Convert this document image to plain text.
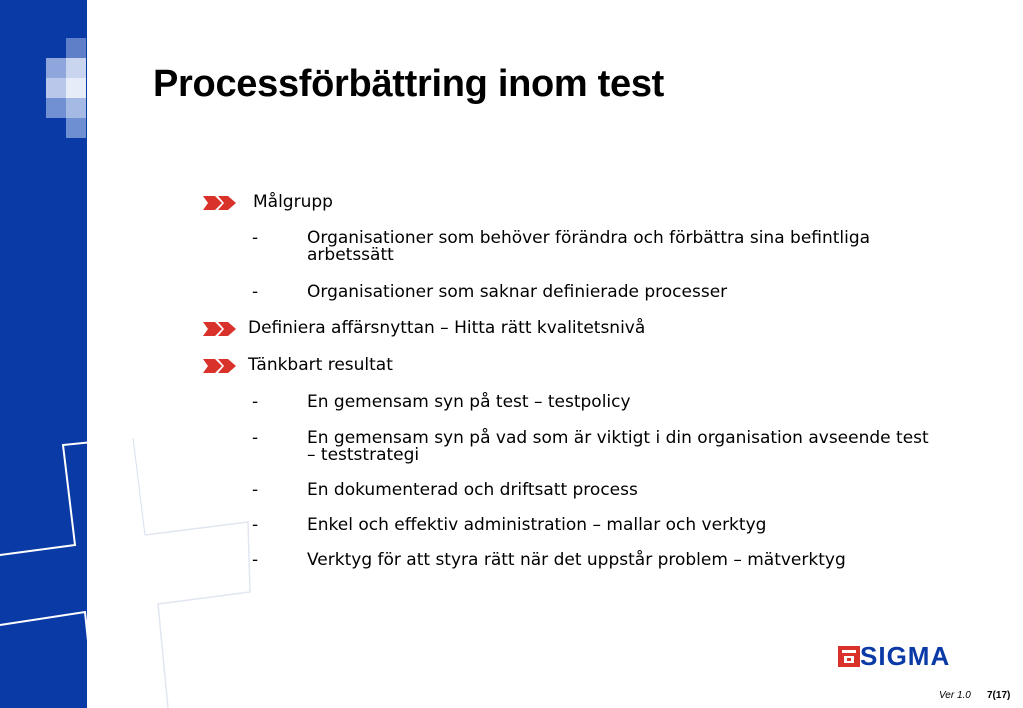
Processförbättring inom test
Målgrupp
-	Organisationer som behöver förändra och förbättra sina befintliga arbetssätt
-	Organisationer som saknar definierade processer
Definiera affärsnyttan – Hitta rätt kvalitetsnivå
Tänkbart resultat
-	En gemensam syn på test – testpolicy
-	En gemensam syn på vad som är viktigt i din organisation avseende test – teststrategi
-	En dokumenterad och driftsatt process
-	Enkel och effektiv administration – mallar och verktyg
-	Verktyg för att styra rätt när det uppstår problem – mätverktyg
SIGMA
Ver 1.0 7(17)
